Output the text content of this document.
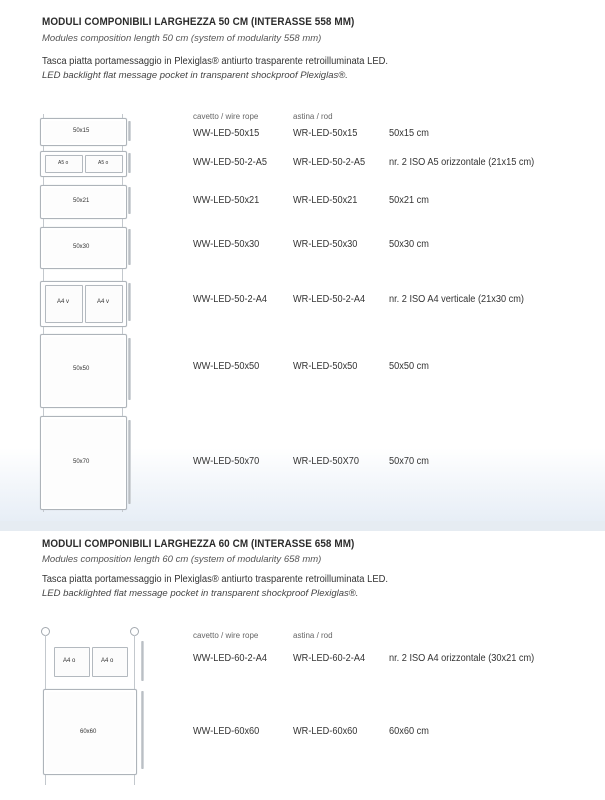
MODULI COMPONIBILI LARGHEZZA 50 CM (INTERASSE 558 MM)
Modules composition length 50 cm (system of modularity 558 mm)
Tasca piatta portamessaggio in Plexiglas® antiurto trasparente retroilluminata LED.
LED backlight flat message pocket in transparent shockproof Plexiglas®.
cavetto / wire rope	astina / rod
50x15	WW-LED-50x15	WR-LED-50x15	50x15 cm
A5 o	A5 o	WW-LED-50-2-A5	WR-LED-50-2-A5 nr. 2 ISO A5 orizzontale (21x15 cm)
50x21	WW-LED-50x21	WR-LED-50x21	50x21 cm
50x30	WW-LED-50x30	WR-LED-50x30	50x30 cm
A4 v	A4 v	WW-LED-50-2-A4	WR-LED-50-2-A4 nr. 2 ISO A4 verticale (21x30 cm)
50x50	WW-LED-50x50	WR-LED-50x50	50x50 cm
50x70	WW-LED-50x70	WR-LED-50X70	50x70 cm
MODULI COMPONIBILI LARGHEZZA 60 CM (INTERASSE 658 MM)
Modules composition length 60 cm (system of modularity 658 mm)
Tasca piatta portamessaggio in Plexiglas® antiurto trasparente retroilluminata LED.
LED backlighted flat message pocket in transparent shockproof Plexiglas®.
cavetto / wire rope	astina / rod
A4 o	A4 o	WW-LED-60-2-A4	WR-LED-60-2-A4 nr. 2 ISO A4 orizzontale (30x21 cm)
60x60	WW-LED-60x60	WR-LED-60x60	60x60 cm
